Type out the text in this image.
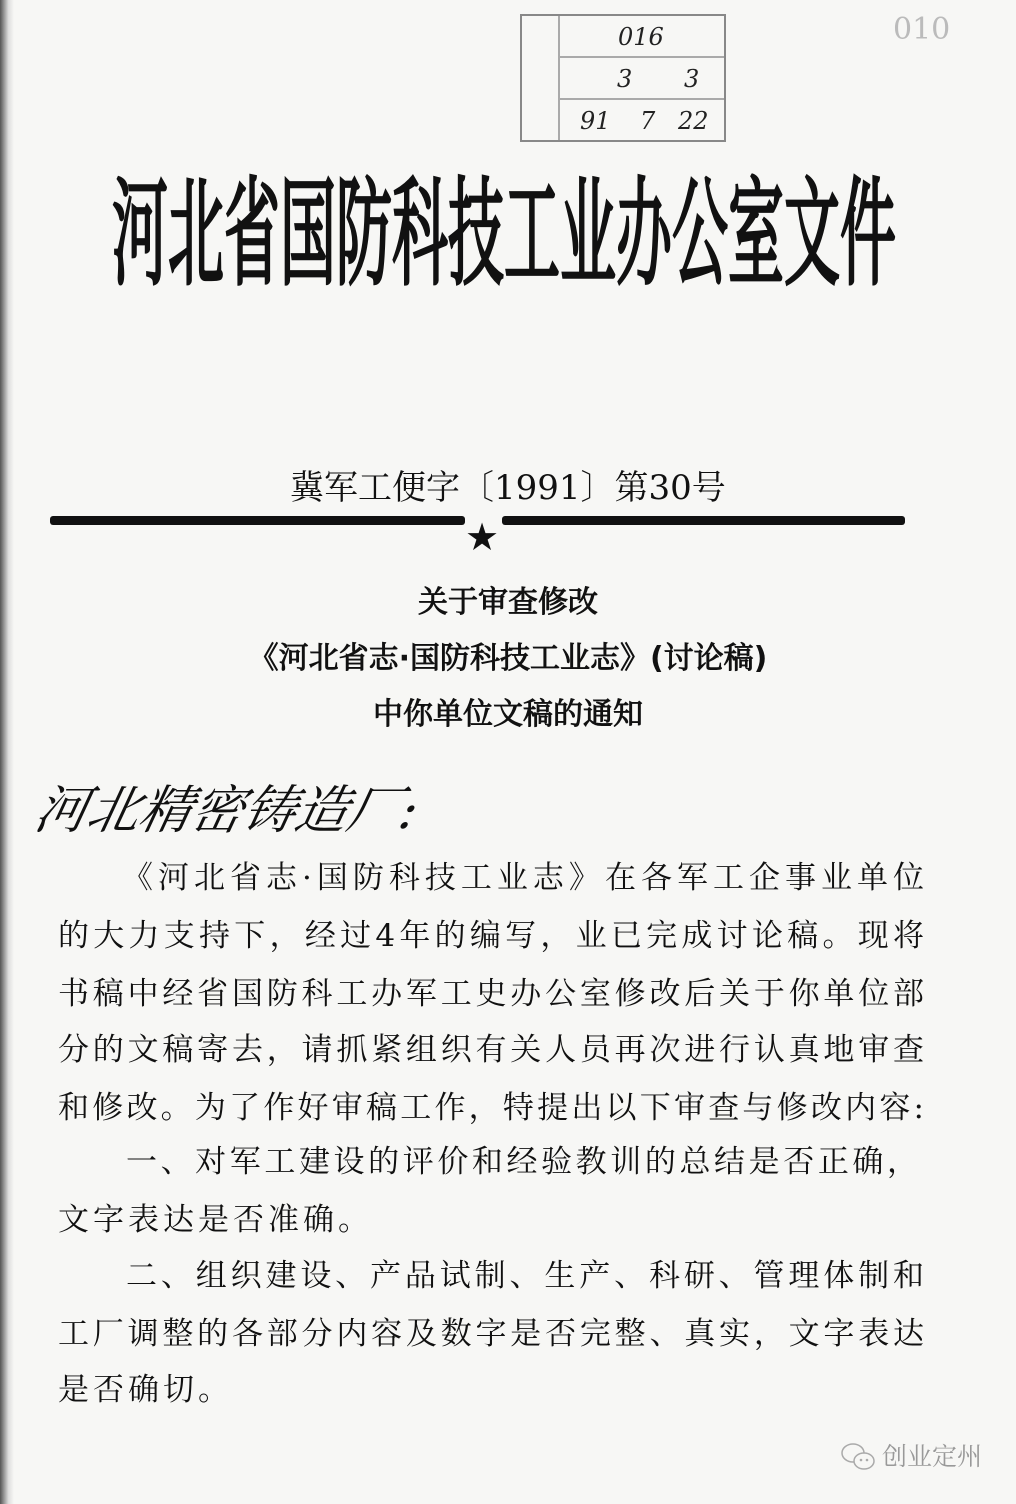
016
3 3
91 7 22
010
河北省国防科技工业办公室文件
冀军工便字〔1991〕第30号
★
关于审查修改
《河北省志·国防科技工业志》(讨论稿)
中你单位文稿的通知
河北精密铸造厂:
《河北省志·国防科技工业志》在各军工企事业单位
的大力支持下，经过4年的编写，业已完成讨论稿。现将
书稿中经省国防科工办军工史办公室修改后关于你单位部
分的文稿寄去，请抓紧组织有关人员再次进行认真地审查
和修改。为了作好审稿工作，特提出以下审查与修改内容:
一、对军工建设的评价和经验教训的总结是否正确，
文字表达是否准确。
二、组织建设、产品试制、生产、科研、管理体制和
工厂调整的各部分内容及数字是否完整、真实，文字表达
是否确切。
创业定州
